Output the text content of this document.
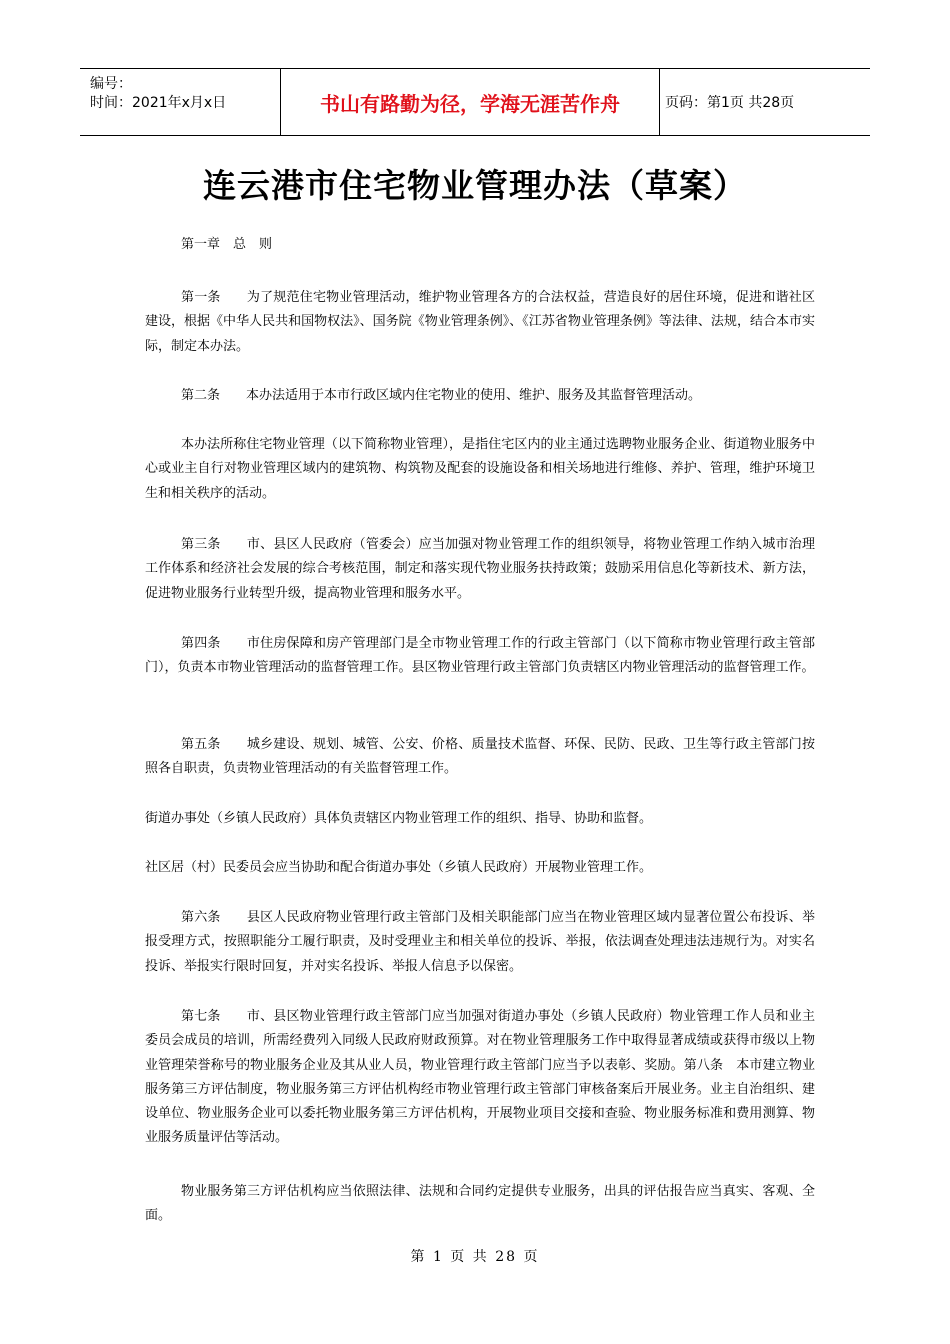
编号：
时间：2021年x月x日	书山有路勤为径，学海无涯苦作舟	页码：第1页 共28页
连云港市住宅物业管理办法（草案）
第一章　总　则
第一条 为了规范住宅物业管理活动，维护物业管理各方的合法权益，营造良好的居住环境，促进和谐社区建设，根据《中华人民共和国物权法》、国务院《物业管理条例》、《江苏省物业管理条例》等法律、法规，结合本市实际，制定本办法。
第二条 本办法适用于本市行政区域内住宅物业的使用、维护、服务及其监督管理活动。
本办法所称住宅物业管理（以下简称物业管理），是指住宅区内的业主通过选聘物业服务企业、街道物业服务中心或业主自行对物业管理区域内的建筑物、构筑物及配套的设施设备和相关场地进行维修、养护、管理，维护环境卫生和相关秩序的活动。
第三条 市、县区人民政府（管委会）应当加强对物业管理工作的组织领导，将物业管理工作纳入城市治理工作体系和经济社会发展的综合考核范围，制定和落实现代物业服务扶持政策；鼓励采用信息化等新技术、新方法，促进物业服务行业转型升级，提高物业管理和服务水平。
第四条 市住房保障和房产管理部门是全市物业管理工作的行政主管部门（以下简称市物业管理行政主管部门），负责本市物业管理活动的监督管理工作。县区物业管理行政主管部门负责辖区内物业管理活动的监督管理工作。
第五条 城乡建设、规划、城管、公安、价格、质量技术监督、环保、民防、民政、卫生等行政主管部门按照各自职责，负责物业管理活动的有关监督管理工作。
街道办事处（乡镇人民政府）具体负责辖区内物业管理工作的组织、指导、协助和监督。
社区居（村）民委员会应当协助和配合街道办事处（乡镇人民政府）开展物业管理工作。
第六条 县区人民政府物业管理行政主管部门及相关职能部门应当在物业管理区域内显著位置公布投诉、举报受理方式，按照职能分工履行职责，及时受理业主和相关单位的投诉、举报，依法调查处理违法违规行为。对实名投诉、举报实行限时回复，并对实名投诉、举报人信息予以保密。
第七条 市、县区物业管理行政主管部门应当加强对街道办事处（乡镇人民政府）物业管理工作人员和业主委员会成员的培训，所需经费列入同级人民政府财政预算。对在物业管理服务工作中取得显著成绩或获得市级以上物业管理荣誉称号的物业服务企业及其从业人员，物业管理行政主管部门应当予以表彰、奖励。第八条　本市建立物业服务第三方评估制度，物业服务第三方评估机构经市物业管理行政主管部门审核备案后开展业务。业主自治组织、建设单位、物业服务企业可以委托物业服务第三方评估机构，开展物业项目交接和查验、物业服务标准和费用测算、物业服务质量评估等活动。
物业服务第三方评估机构应当依照法律、法规和合同约定提供专业服务，出具的评估报告应当真实、客观、全面。
第 1 页 共 28 页
